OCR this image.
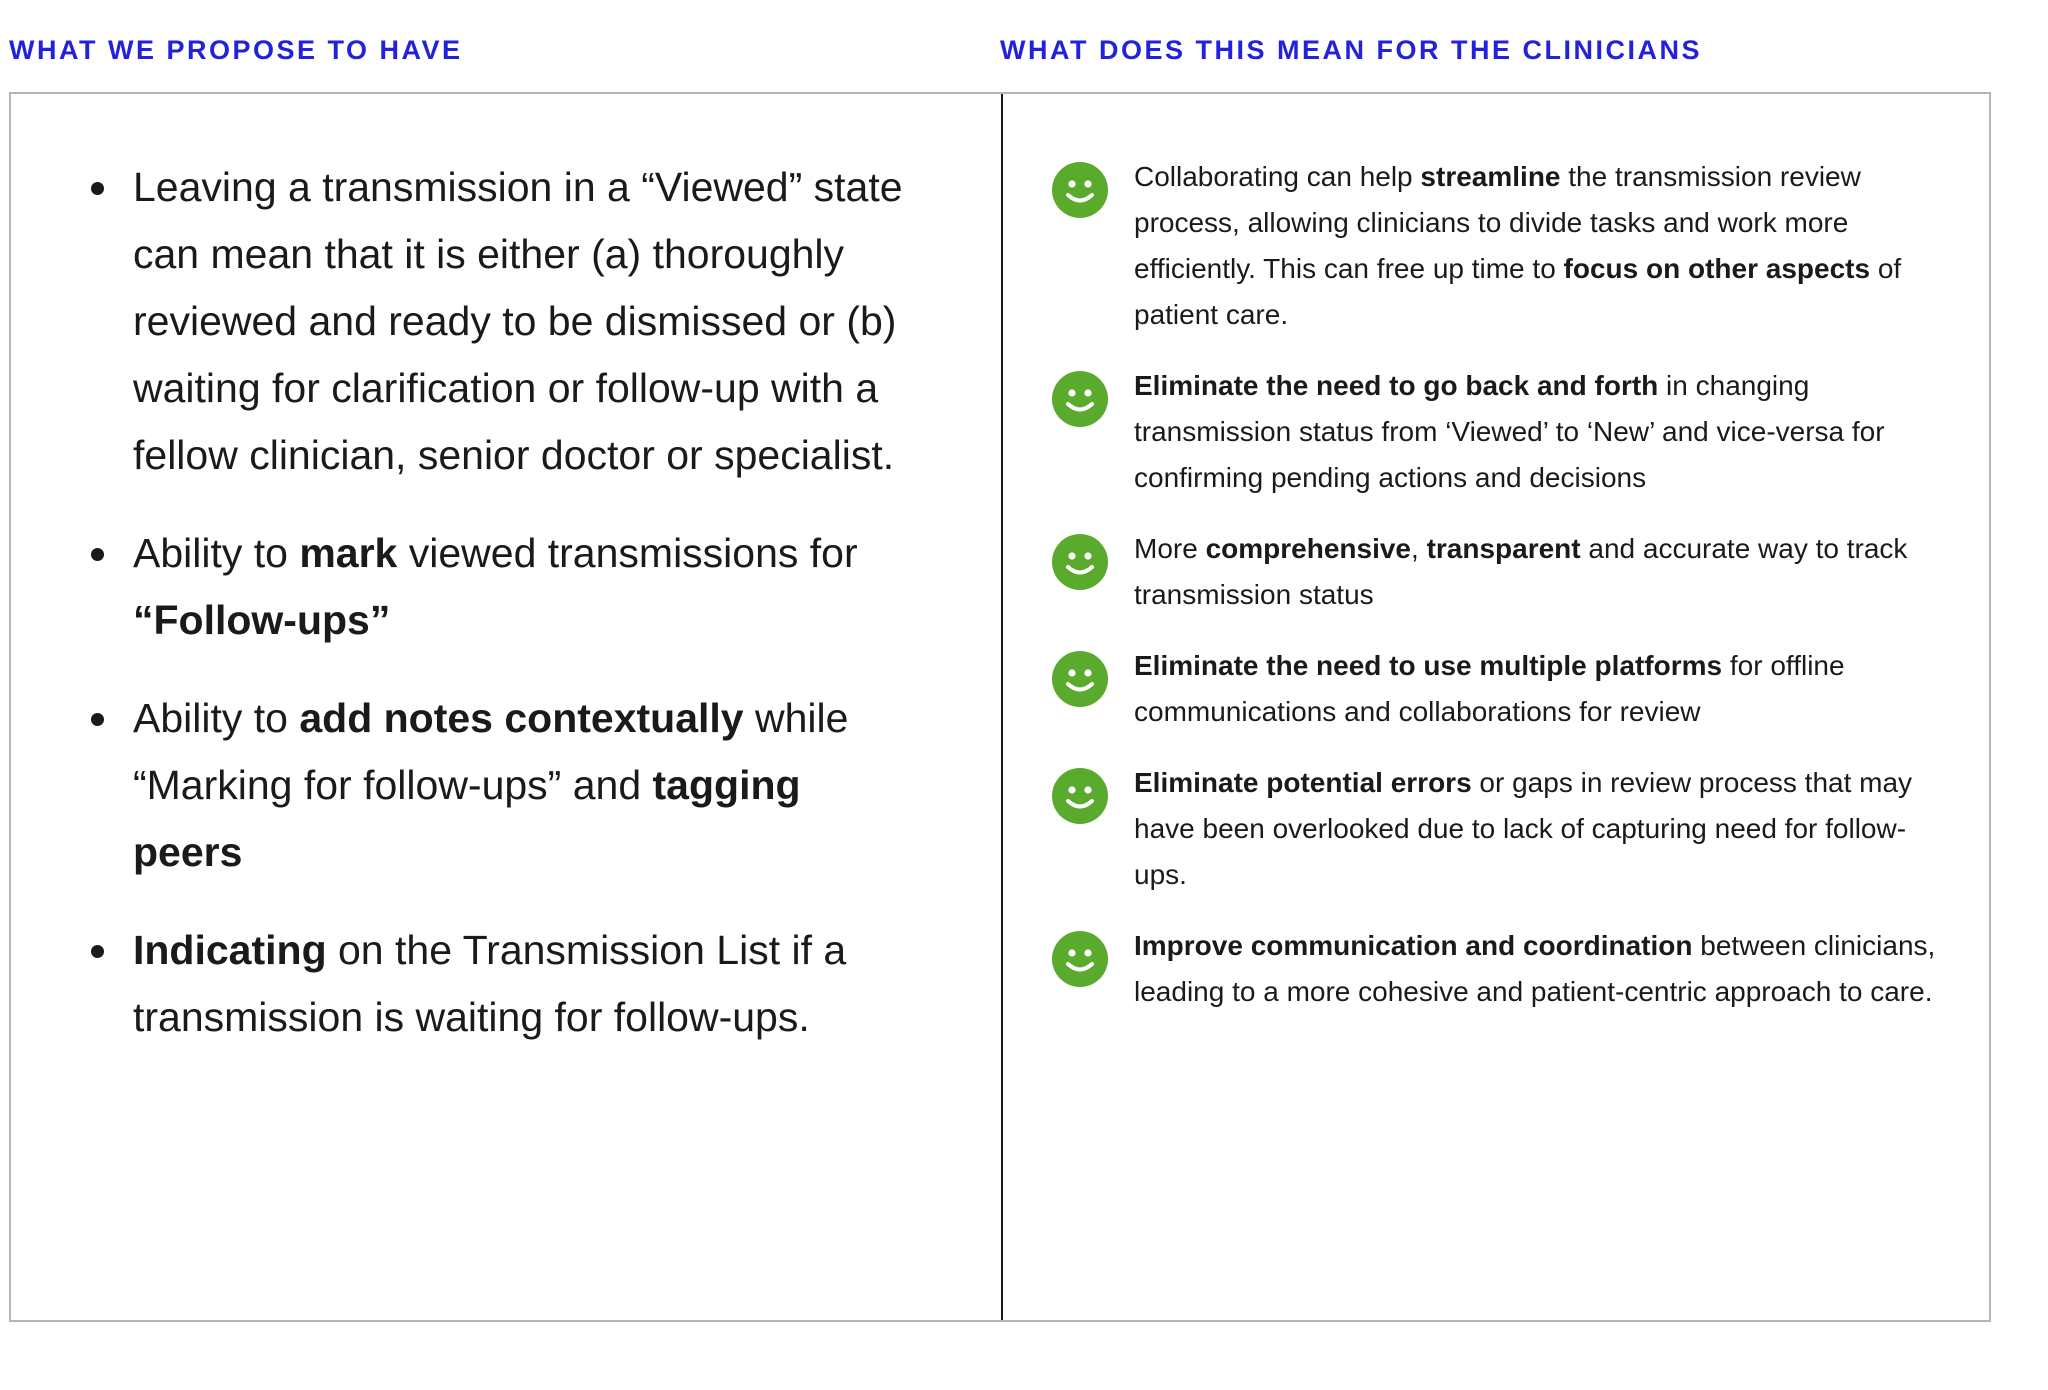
WHAT WE PROPOSE TO HAVE	WHAT DOES THIS MEAN FOR THE CLINICIANS
Leaving a transmission in a “Viewed” state can mean that it is either (a) thoroughly reviewed and ready to be dismissed or (b) waiting for clarification or follow-up with a fellow clinician, senior doctor or specialist.
Ability to mark viewed transmissions for “Follow-ups”
Ability to add notes contextually while “Marking for follow-ups” and tagging peers
Indicating on the Transmission List if a transmission is waiting for follow-ups.
Collaborating can help streamline the transmission review process, allowing clinicians to divide tasks and work more efficiently. This can free up time to focus on other aspects of patient care.
Eliminate the need to go back and forth in changing transmission status from ‘Viewed’ to ‘New’ and vice-versa for confirming pending actions and decisions
More comprehensive, transparent and accurate way to track transmission status
Eliminate the need to use multiple platforms for offline communications and collaborations for review
Eliminate potential errors or gaps in review process that may have been overlooked due to lack of capturing need for follow-ups.
Improve communication and coordination between clinicians, leading to a more cohesive and patient-centric approach to care.
